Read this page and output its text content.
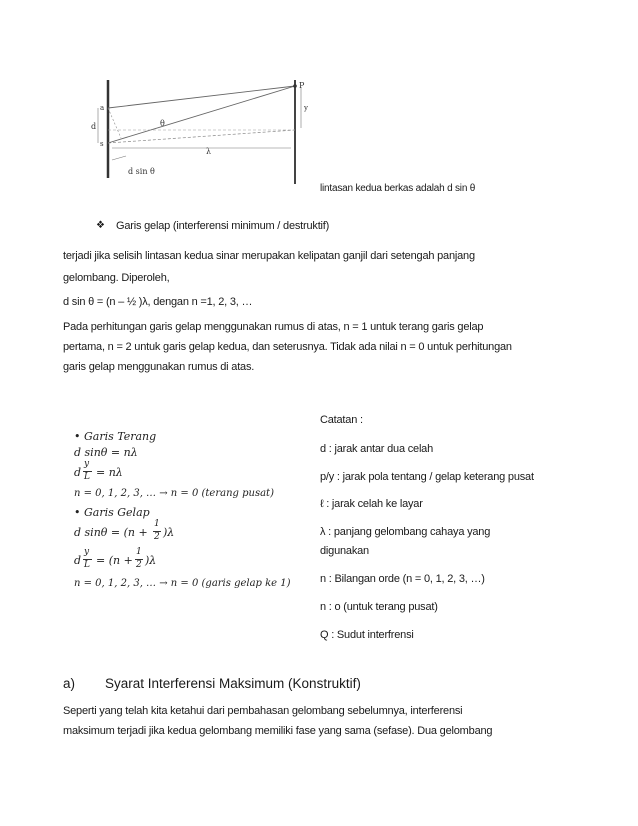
a
d
s
θ
λ
P
y
d sin θ
lintasan kedua berkas adalah d sin θ
❖ Garis gelap (interferensi minimum / destruktif)
terjadi jika selisih lintasan kedua sinar merupakan kelipatan ganjil dari setengah panjang
gelombang. Diperoleh,
d sin θ = (n – ½ )λ, dengan n =1, 2, 3, …
Pada perhitungan garis gelap menggunakan rumus di atas, n = 1 untuk terang garis gelap
pertama, n = 2 untuk garis gelap kedua, dan seterusnya. Tidak ada nilai n = 0 untuk perhitungan
garis gelap menggunakan rumus di atas.
• Garis Terang
d sinθ = nλ
d
y
L = nλ
n = 0, 1, 2, 3, … → n = 0 (terang pusat)
• Garis Gelap
d sinθ = (n +
1
2 )λ
d
y
L = (n +
1
2 )λ
n = 0, 1, 2, 3, … → n = 0 (garis gelap ke 1)
Catatan :
d : jarak antar dua celah
p/y : jarak pola tentang / gelap keterang pusat
ℓ : jarak celah ke layar
λ : panjang gelombang cahaya yang
digunakan
n : Bilangan orde (n = 0, 1, 2, 3, …)
n : o (untuk terang pusat)
Q : Sudut interfrensi
a) Syarat Interferensi Maksimum (Konstruktif)
Seperti yang telah kita ketahui dari pembahasan gelombang sebelumnya, interferensi
maksimum terjadi jika kedua gelombang memiliki fase yang sama (sefase). Dua gelombang
